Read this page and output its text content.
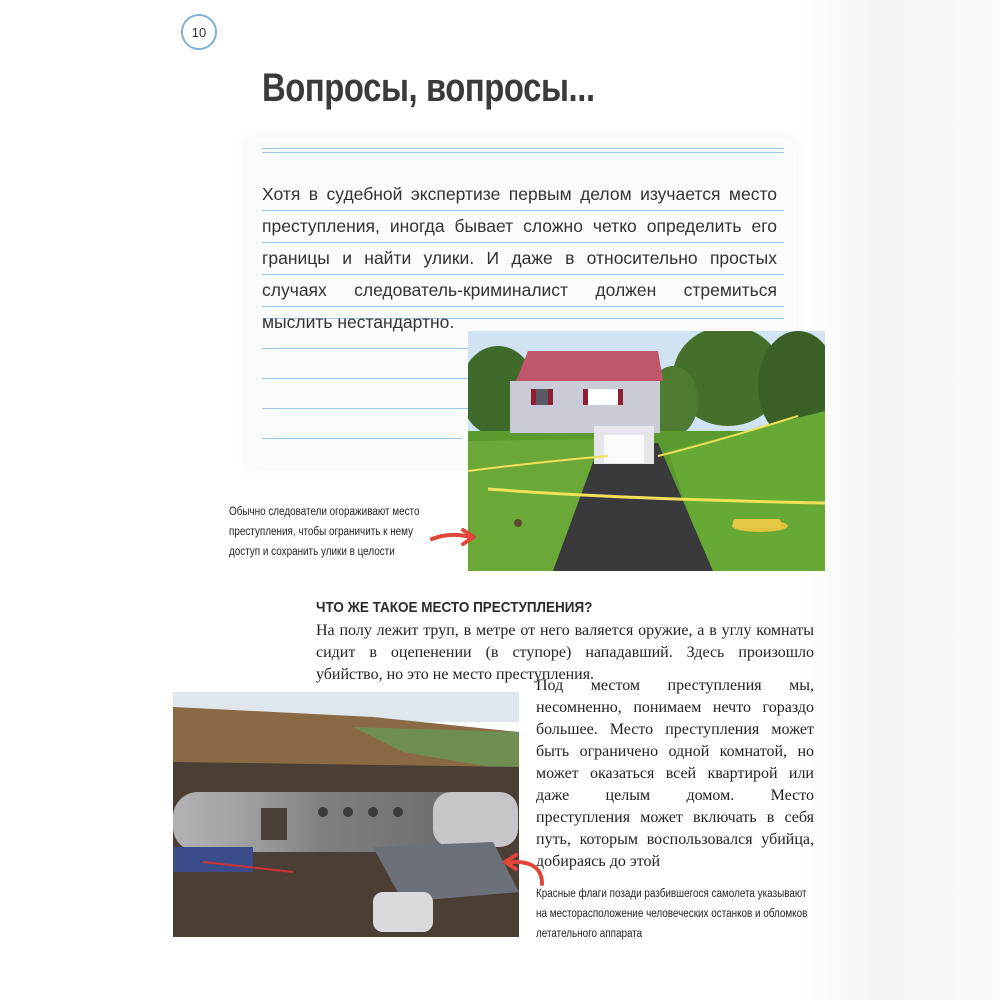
10
Вопросы, вопросы...

Хотя в судебной экспертизе первым делом изучается место преступления, иногда бывает сложно четко определить его границы и найти улики. И даже в относительно простых случаях следователь-криминалист должен стремиться мыслить нестандартно.

Обычно следователи огораживают место преступления, чтобы ограничить к нему доступ и сохранить улики в целости

ЧТО ЖЕ ТАКОЕ МЕСТО ПРЕСТУПЛЕНИЯ?

На полу лежит труп, в метре от него валяется оружие, а в углу комнаты сидит в оцепенении (в ступоре) нападавший. Здесь произошло убийство, но это не место преступления.

Под местом преступления мы, несомненно, понимаем нечто гораздо большее. Место преступления может быть ограничено одной комнатой, но может оказаться всей квартирой или даже целым домом. Место преступления может включать в себя путь, которым воспользовался убийца, добираясь до этой

Красные флаги позади разбившегося самолета указывают на месторасположение человеческих останков и обломков летательного аппарата
